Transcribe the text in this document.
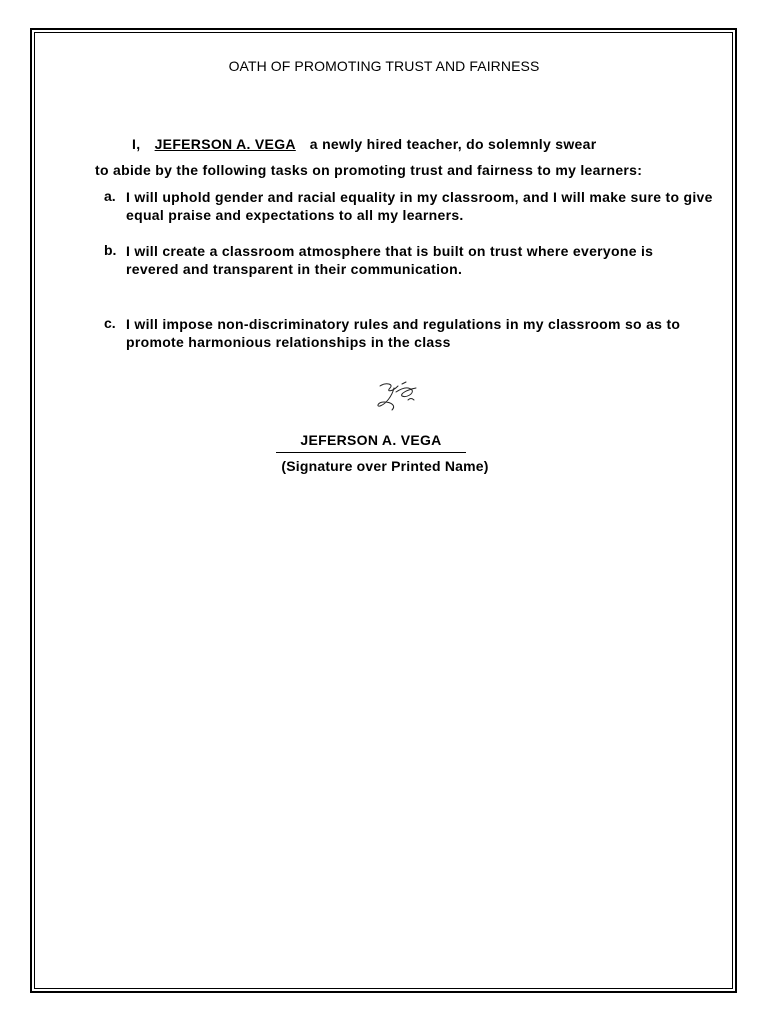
OATH OF PROMOTING TRUST AND FAIRNESS
I, JEFERSON A. VEGA a newly hired teacher, do solemnly swear
to abide by the following tasks on promoting trust and fairness to my learners:
a. I will uphold gender and racial equality in my classroom, and I will make sure to give equal praise and expectations to all my learners.
b. I will create a classroom atmosphere that is built on trust where everyone is revered and transparent in their communication.
c. I will impose non-discriminatory rules and regulations in my classroom so as to promote harmonious relationships in the class
JEFERSON A. VEGA
(Signature over Printed Name)
